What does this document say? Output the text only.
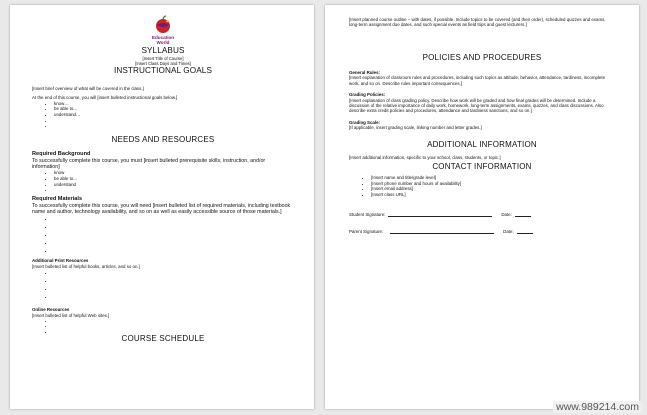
Education
World
SYLLABUS
[Insert Title of Course]
[Insert Class Days and Times]
INSTRUCTIONAL GOALS
[Insert brief overview of what will be covered in the class.]
At the end of this course, you will [insert bulleted instructional goals below.]
• know…
• be able to…
• understand…
•
•
NEEDS AND RESOURCES
Required Background
To successfully complete this course, you must [insert bulleted prerequisite skills, instruction, and/or information]
• know
• be able to…
• understand
•
Required Materials
To successfully complete this course, you will need [insert bulleted list of required materials, including textbook name and author, technology availability, and so on as well as easily accessible source of those materials.]
•
•
•
•
•
Additional Print Resources
[Insert bulleted list of helpful books, articles, and so on.]
•
•
•
•
Online Resources
[Insert bulleted list of helpful Web sites.]
•
•
•
COURSE SCHEDULE
[Insert planned course outline – with dates, if possible. Include topics to be covered (and their order), scheduled quizzes and exams, long-term assignment due dates, and such special events as field trips and guest lecturers.]
POLICIES AND PROCEDURES
General Rules:
[Insert explanation of classroom rules and procedures, including such topics as attitude, behavior, attendance, tardiness, incomplete work, and so on. Describe rules important consequences.]
Grading Policies:
[Insert explanation of class grading policy. Describe how work will be graded and how final grades will be determined. Include a discussion of the relative importance of daily work, homework, long-term assignments, exams, quizzes, and class discussions. Also describe extra credit policies and procedures, attendance and tardiness sanctions, and so on.]
Grading Scale:
[If applicable, insert grading scale, linking number and letter grades.]
ADDITIONAL INFORMATION
[Insert additional information, specific to your school, class, students, or topic.]
CONTACT INFORMATION
• [Insert name and title/grade level]
• [Insert phone number and hours of availability]
• [Insert email address]
• [Insert class URL]
Student Signature:	Date:
Parent Signature:	Date:
www.989214.com
